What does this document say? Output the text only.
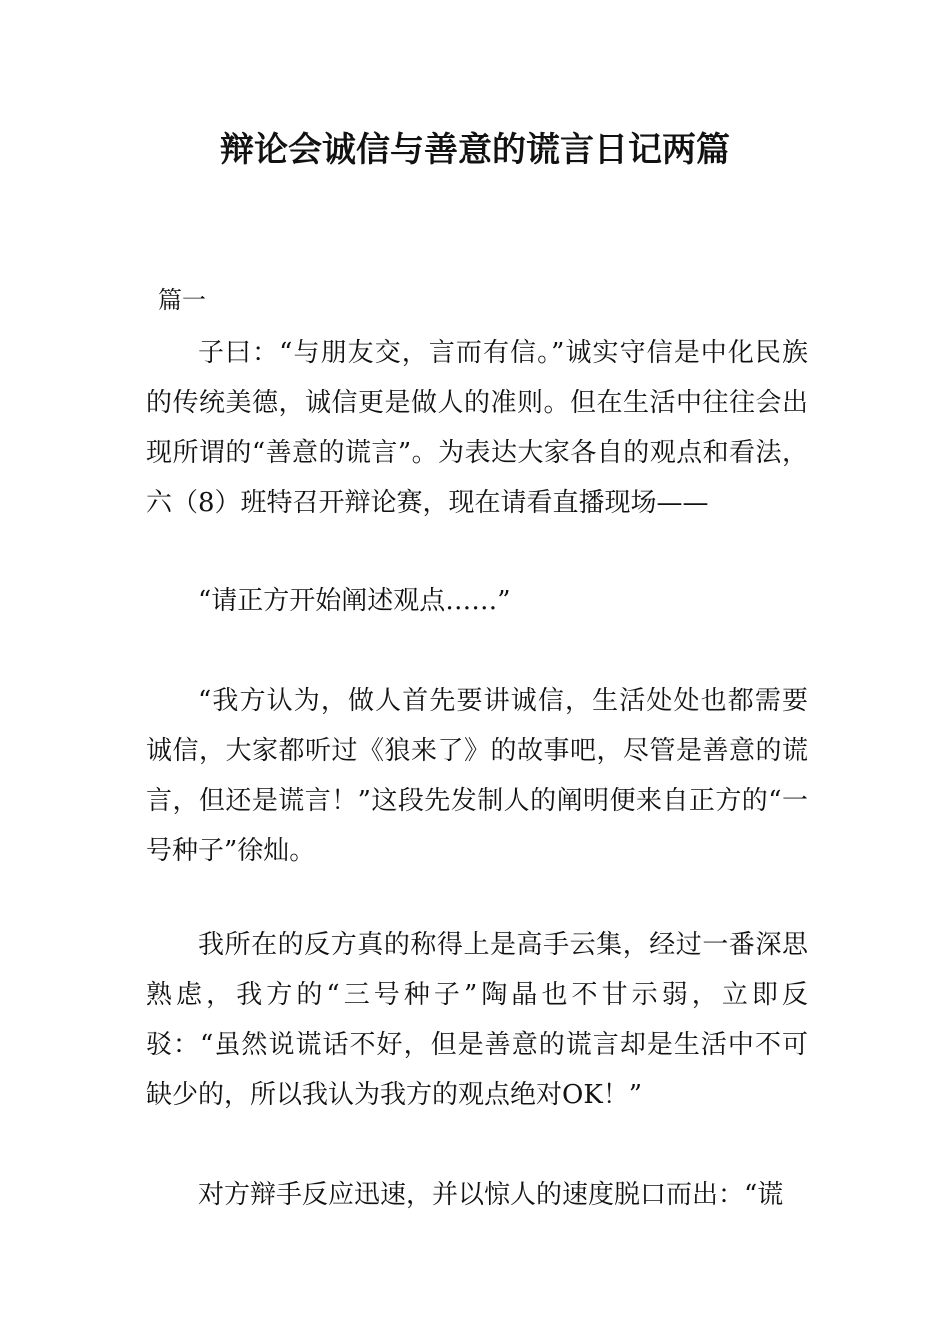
辩论会诚信与善意的谎言日记两篇
篇一

子曰：“与朋友交，言而有信。”诚实守信是中化民族的传统美德，诚信更是做人的准则。但在生活中往往会出现所谓的“善意的谎言”。为表达大家各自的观点和看法，六（8）班特召开辩论赛，现在请看直播现场——

“请正方开始阐述观点……”

“我方认为，做人首先要讲诚信，生活处处也都需要诚信，大家都听过《狼来了》的故事吧，尽管是善意的谎言，但还是谎言！”这段先发制人的阐明便来自正方的“一号种子”徐灿。

我所在的反方真的称得上是高手云集，经过一番深思熟虑，我方的“三号种子”陶晶也不甘示弱，立即反驳：“虽然说谎话不好，但是善意的谎言却是生活中不可缺少的，所以我认为我方的观点绝对OK！”

对方辩手反应迅速，并以惊人的速度脱口而出：“谎
